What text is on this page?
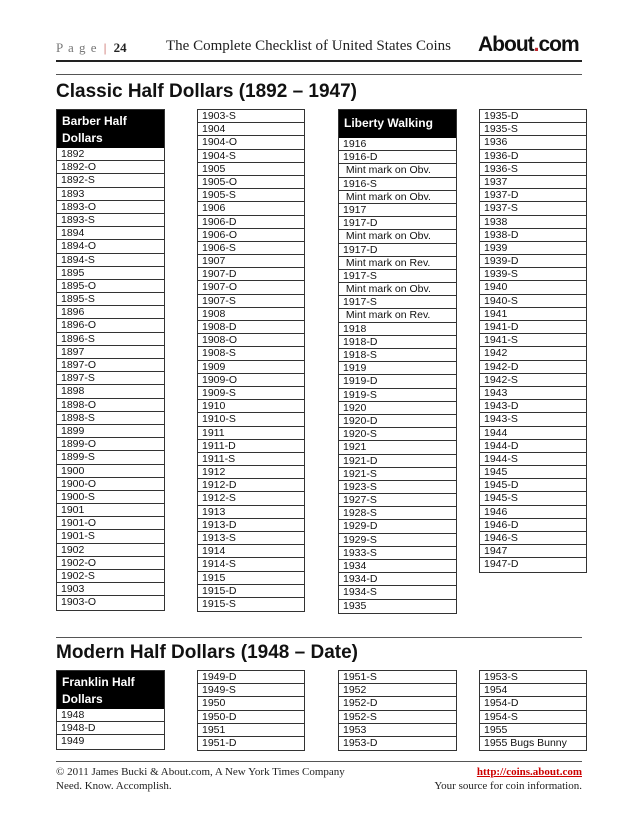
P a g e | 24	The Complete Checklist of United States Coins About.com
Classic Half Dollars (1892 – 1947)
Barber Half Dollars
1892
1892-O
1892-S
1893
1893-O
1893-S
1894
1894-O
1894-S
1895
1895-O
1895-S
1896
1896-O
1896-S
1897
1897-O
1897-S
1898
1898-O
1898-S
1899
1899-O
1899-S
1900
1900-O
1900-S
1901
1901-O
1901-S
1902
1902-O
1902-S
1903
1903-O
1903-S
1904
1904-O
1904-S
1905
1905-O
1905-S
1906
1906-D
1906-O
1906-S
1907
1907-D
1907-O
1907-S
1908
1908-D
1908-O
1908-S
1909
1909-O
1909-S
1910
1910-S
1911
1911-D
1911-S
1912
1912-D
1912-S
1913
1913-D
1913-S
1914
1914-S
1915
1915-D
1915-S
Liberty Walking
1916
1916-D
Mint mark on Obv.
1916-S
Mint mark on Obv.
1917
1917-D
Mint mark on Obv.
1917-D
Mint mark on Rev.
1917-S
Mint mark on Obv.
1917-S
Mint mark on Rev.
1918
1918-D
1918-S
1919
1919-D
1919-S
1920
1920-D
1920-S
1921
1921-D
1921-S
1923-S
1927-S
1928-S
1929-D
1929-S
1933-S
1934
1934-D
1934-S
1935
1935-D
1935-S
1936
1936-D
1936-S
1937
1937-D
1937-S
1938
1938-D
1939
1939-D
1939-S
1940
1940-S
1941
1941-D
1941-S
1942
1942-D
1942-S
1943
1943-D
1943-S
1944
1944-D
1944-S
1945
1945-D
1945-S
1946
1946-D
1946-S
1947
1947-D
Modern Half Dollars (1948 – Date)
Franklin Half Dollars
1948
1948-D
1949
1949-D
1949-S
1950
1950-D
1951
1951-D
1951-S
1952
1952-D
1952-S
1953
1953-D
1953-S
1954
1954-D
1954-S
1955
1955 Bugs Bunny
© 2011 James Bucki & About.com, A New York Times Company
Need. Know. Accomplish.
http://coins.about.com
Your source for coin information.
